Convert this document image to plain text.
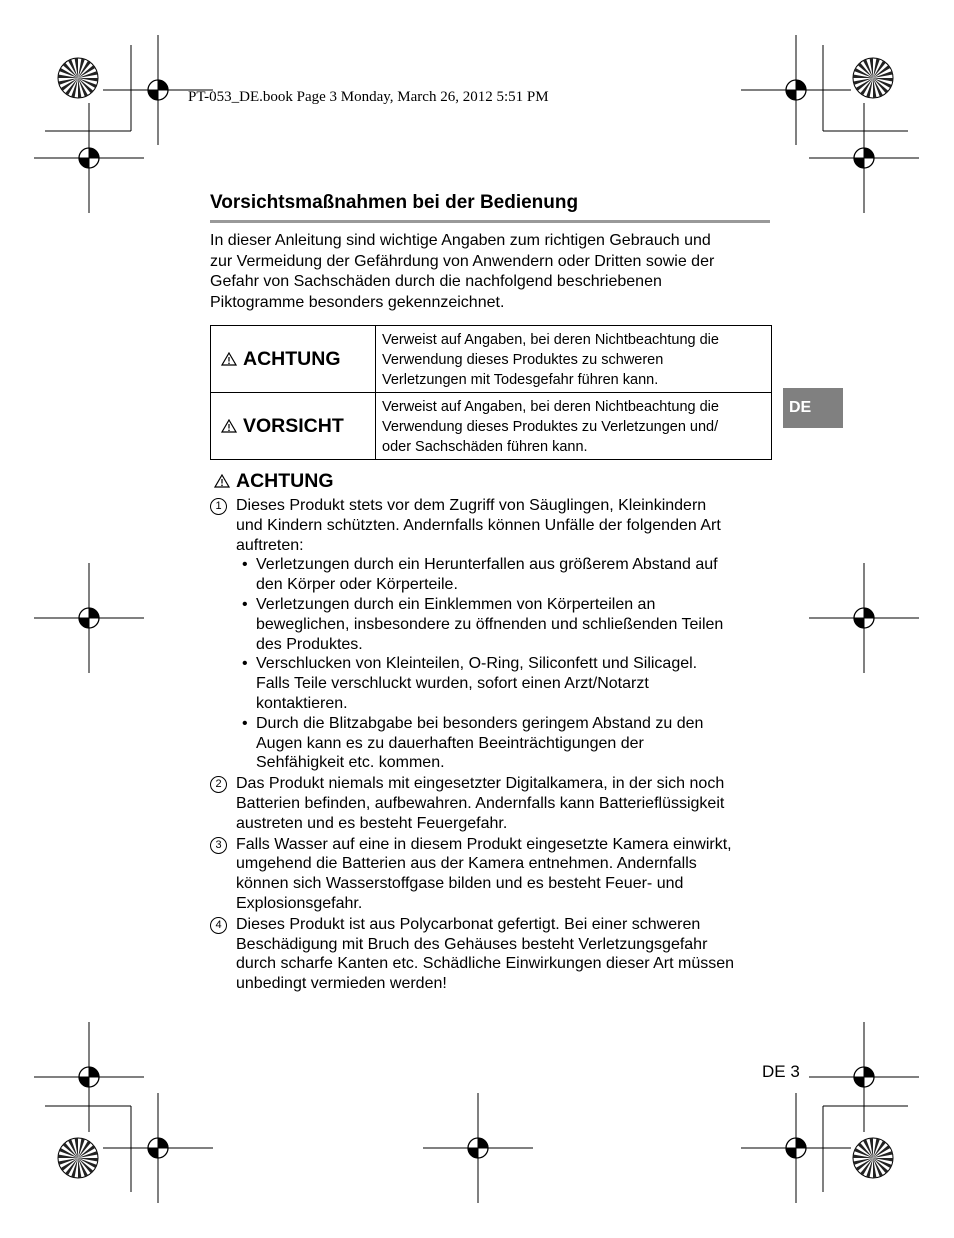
PT-053_DE.book Page 3 Monday, March 26, 2012 5:51 PM
Vorsichtsmaßnahmen bei der Bedienung
In dieser Anleitung sind wichtige Angaben zum richtigen Gebrauch und
zur Vermeidung der Gefährdung von Anwendern oder Dritten sowie der
Gefahr von Sachschäden durch die nachfolgend beschriebenen
Piktogramme besonders gekennzeichnet.
ACHTUNG	Verweist auf Angaben, bei deren Nichtbeachtung die
Verwendung dieses Produktes zu schweren
Verletzungen mit Todesgefahr führen kann.

VORSICHT	Verweist auf Angaben, bei deren Nichtbeachtung die
Verwendung dieses Produktes zu Verletzungen und/
oder Sachschäden führen kann.
DE
ACHTUNG
1 Dieses Produkt stets vor dem Zugriff von Säuglingen, Kleinkindern
und Kindern schützten. Andernfalls können Unfälle der folgenden Art
auftreten:
• Verletzungen durch ein Herunterfallen aus größerem Abstand auf
den Körper oder Körperteile.
• Verletzungen durch ein Einklemmen von Körperteilen an
beweglichen, insbesondere zu öffnenden und schließenden Teilen
des Produktes.
• Verschlucken von Kleinteilen, O-Ring, Siliconfett und Silicagel.
Falls Teile verschluckt wurden, sofort einen Arzt/Notarzt
kontaktieren.
• Durch die Blitzabgabe bei besonders geringem Abstand zu den
Augen kann es zu dauerhaften Beeinträchtigungen der
Sehfähigkeit etc. kommen.
2 Das Produkt niemals mit eingesetzter Digitalkamera, in der sich noch
Batterien befinden, aufbewahren. Andernfalls kann Batterieflüssigkeit
austreten und es besteht Feuergefahr.
3 Falls Wasser auf eine in diesem Produkt eingesetzte Kamera einwirkt,
umgehend die Batterien aus der Kamera entnehmen. Andernfalls
können sich Wasserstoffgase bilden und es besteht Feuer- und
Explosionsgefahr.
4 Dieses Produkt ist aus Polycarbonat gefertigt. Bei einer schweren
Beschädigung mit Bruch des Gehäuses besteht Verletzungsgefahr
durch scharfe Kanten etc. Schädliche Einwirkungen dieser Art müssen
unbedingt vermieden werden!
DE 3
